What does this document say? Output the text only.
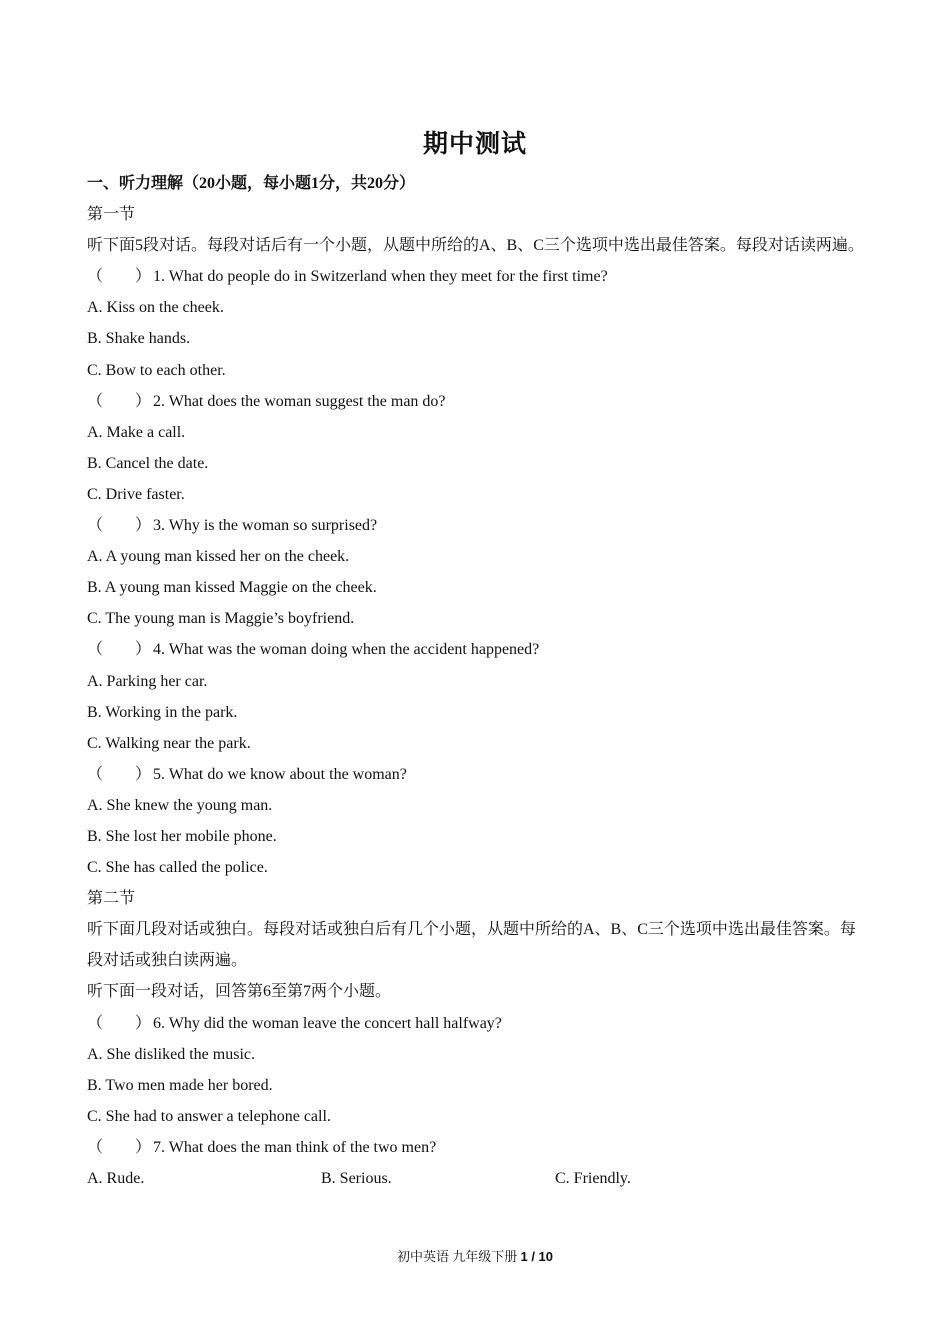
期中测试
一、听力理解（20小题，每小题1分，共20分）
第一节
听下面5段对话。每段对话后有一个小题，从题中所给的A、B、C三个选项中选出最佳答案。每段对话读两遍。
（　　） 1. What do people do in Switzerland when they meet for the first time?
A. Kiss on the cheek.
B. Shake hands.
C. Bow to each other.
（　　） 2. What does the woman suggest the man do?
A. Make a call.
B. Cancel the date.
C. Drive faster.
（　　） 3. Why is the woman so surprised?
A. A young man kissed her on the cheek.
B. A young man kissed Maggie on the cheek.
C. The young man is Maggie’s boyfriend.
（　　） 4. What was the woman doing when the accident happened?
A. Parking her car.
B. Working in the park.
C. Walking near the park.
（　　） 5. What do we know about the woman?
A. She knew the young man.
B. She lost her mobile phone.
C. She has called the police.
第二节
听下面几段对话或独白。每段对话或独白后有几个小题，从题中所给的A、B、C三个选项中选出最佳答案。每段对话或独白读两遍。
听下面一段对话，回答第6至第7两个小题。
（　　） 6. Why did the woman leave the concert hall halfway?
A. She disliked the music.
B. Two men made her bored.
C. She had to answer a telephone call.
（　　） 7. What does the man think of the two men?
A. Rude.	B. Serious.	C. Friendly.
初中英语 九年级下册 1 / 10
